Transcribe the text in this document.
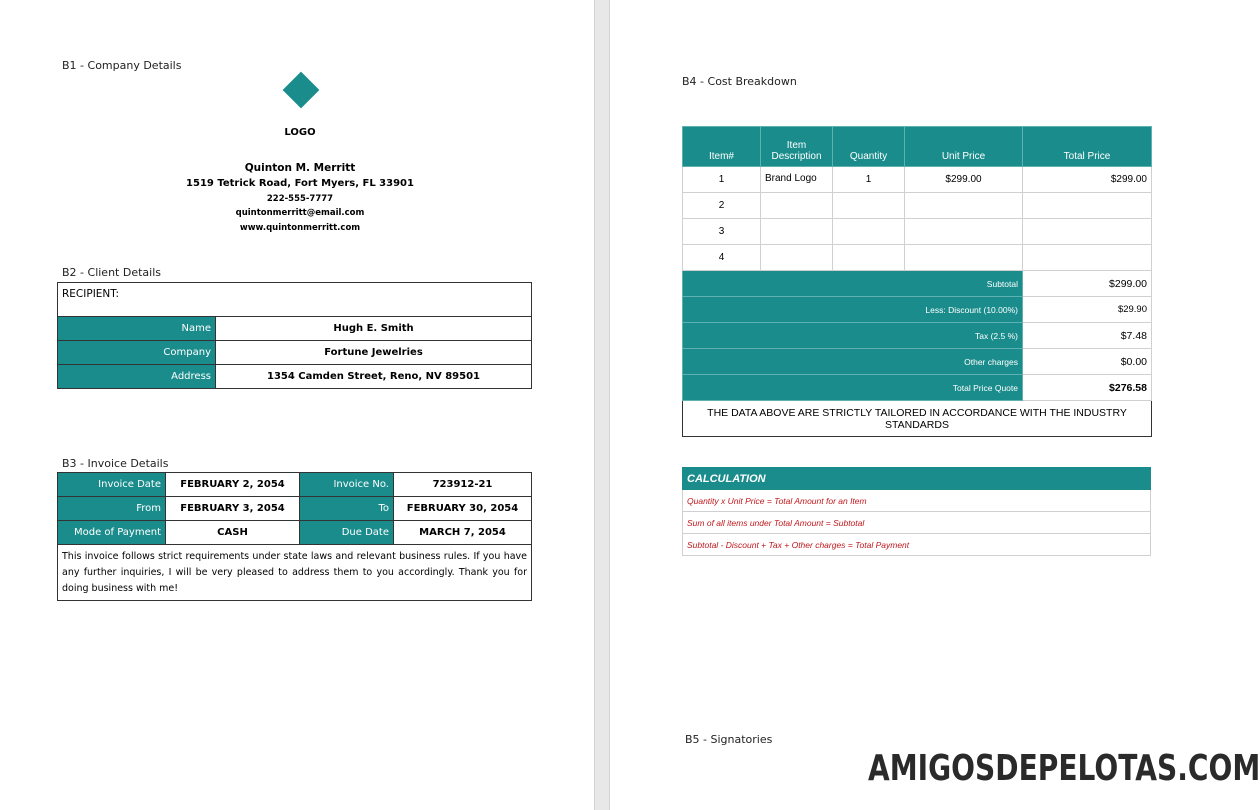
B1 - Company Details
LOGO
Quinton M. Merritt
1519 Tetrick Road, Fort Myers, FL 33901
222-555-7777
quintonmerritt@email.com
www.quintonmerritt.com
B2 - Client Details
RECIPIENT:	
Name	Hugh E. Smith
Company	Fortune Jewelries
Address	1354 Camden Street, Reno, NV 89501
B3 - Invoice Details
Invoice Date	FEBRUARY 2, 2054	Invoice No.	723912-21
From	FEBRUARY 3, 2054	To	FEBRUARY 30, 2054
Mode of Payment	CASH	Due Date	MARCH 7, 2054
This invoice follows strict requirements under state laws and relevant business rules. If you have any further inquiries, I will be very pleased to address them to you accordingly. Thank you for doing business with me!			
B4 - Cost Breakdown
Item#	Item Description	Quantity	Unit Price	Total Price
1	Brand Logo	1	$299.00	$299.00
2				
3				
4				
Subtotal				$299.00
Less: Discount (10.00%)				$29.90
Tax (2.5 %)				$7.48
Other charges				$0.00
Total Price Quote				$276.58
THE DATA ABOVE ARE STRICTLY TAILORED IN ACCORDANCE WITH THE INDUSTRY STANDARDS				
CALCULATION
Quantity x Unit Price = Total Amount for an Item
Sum of all items under Total Amount = Subtotal
Subtotal - Discount + Tax + Other charges = Total Payment
B5 - Signatories
AMIGOSDEPELOTAS.COM
